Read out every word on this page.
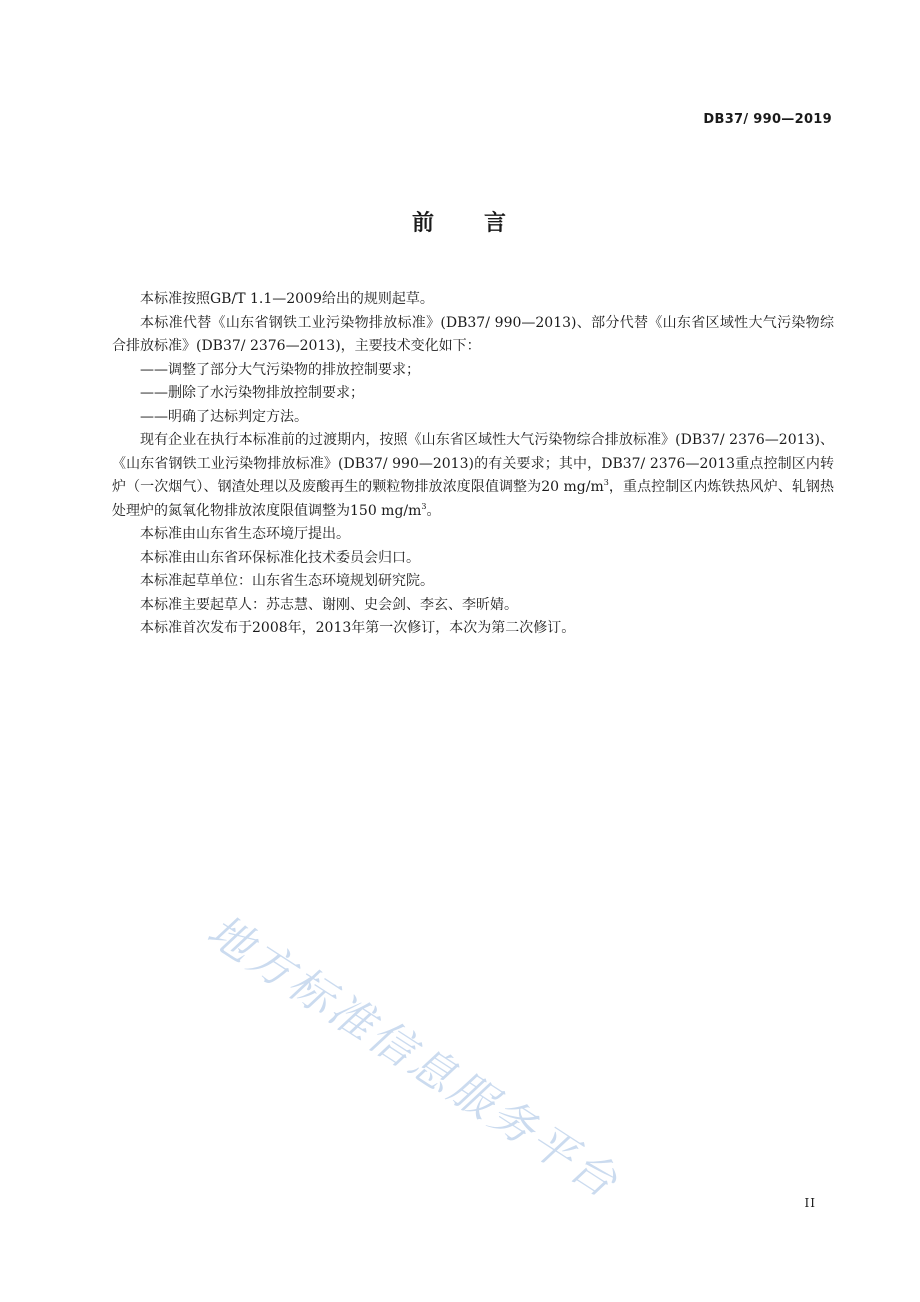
DB37/ 990—2019
前 言

本标准按照GB/T 1.1—2009给出的规则起草。

本标准代替《山东省钢铁工业污染物排放标准》(DB37/ 990—2013)、部分代替《山东省区域性大气污染物综合排放标准》(DB37/ 2376—2013)，主要技术变化如下：

——调整了部分大气污染物的排放控制要求；

——删除了水污染物排放控制要求；

——明确了达标判定方法。

现有企业在执行本标准前的过渡期内，按照《山东省区域性大气污染物综合排放标准》(DB37/ 2376—2013)、《山东省钢铁工业污染物排放标准》(DB37/ 990—2013)的有关要求；其中，DB37/ 2376—2013重点控制区内转炉（一次烟气）、钢渣处理以及废酸再生的颗粒物排放浓度限值调整为20 $mg/m^3$，重点控制区内炼铁热风炉、轧钢热处理炉的氮氧化物排放浓度限值调整为150 $mg/m^3$。

本标准由山东省生态环境厅提出。

本标准由山东省环保标准化技术委员会归口。

本标准起草单位：山东省生态环境规划研究院。

本标准主要起草人：苏志慧、谢刚、史会剑、李玄、李昕婧。

本标准首次发布于2008年，2013年第一次修订，本次为第二次修订。

地方标准信息服务平台	II
